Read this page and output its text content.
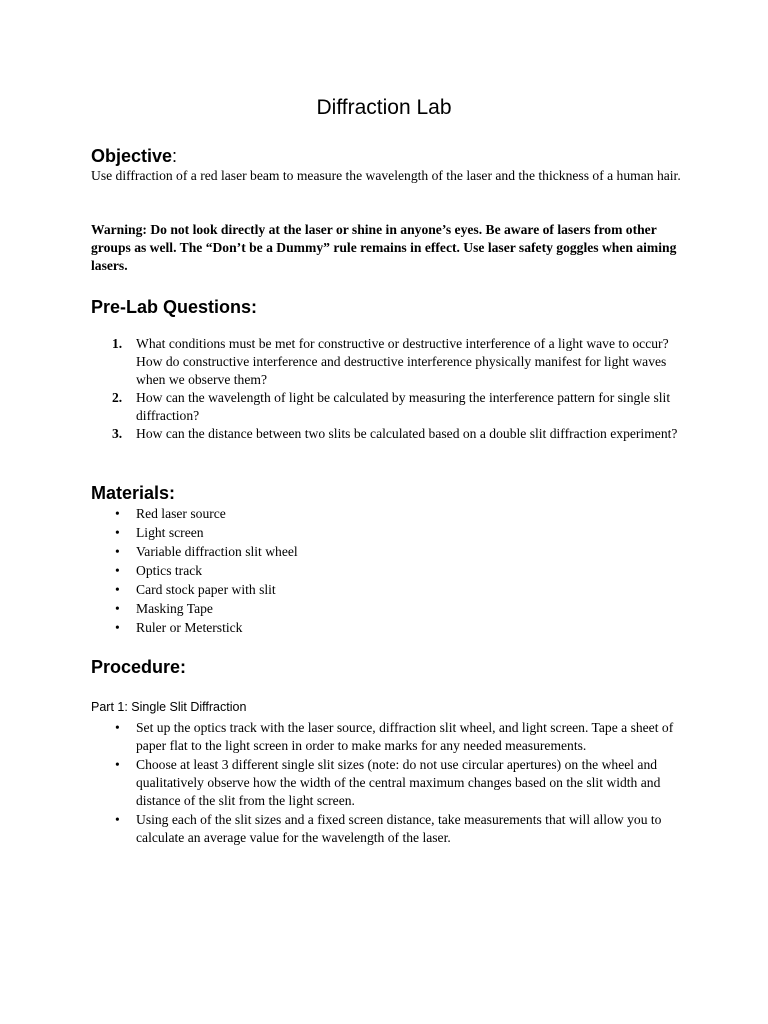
Diffraction Lab
Objective:
Use diffraction of a red laser beam to measure the wavelength of the laser and the thickness of a human hair.
Warning: Do not look directly at the laser or shine in anyone’s eyes. Be aware of lasers from other groups as well. The “Don’t be a Dummy” rule remains in effect. Use laser safety goggles when aiming lasers.
Pre-Lab Questions:
1. What conditions must be met for constructive or destructive interference of a light wave to occur? How do constructive interference and destructive interference physically manifest for light waves when we observe them?
2. How can the wavelength of light be calculated by measuring the interference pattern for single slit diffraction?
3. How can the distance between two slits be calculated based on a double slit diffraction experiment?
Materials:
• Red laser source
• Light screen
• Variable diffraction slit wheel
• Optics track
• Card stock paper with slit
• Masking Tape
• Ruler or Meterstick
Procedure:
Part 1: Single Slit Diffraction
• Set up the optics track with the laser source, diffraction slit wheel, and light screen. Tape a sheet of paper flat to the light screen in order to make marks for any needed measurements.
• Choose at least 3 different single slit sizes (note: do not use circular apertures) on the wheel and qualitatively observe how the width of the central maximum changes based on the slit width and distance of the slit from the light screen.
• Using each of the slit sizes and a fixed screen distance, take measurements that will allow you to calculate an average value for the wavelength of the laser.
